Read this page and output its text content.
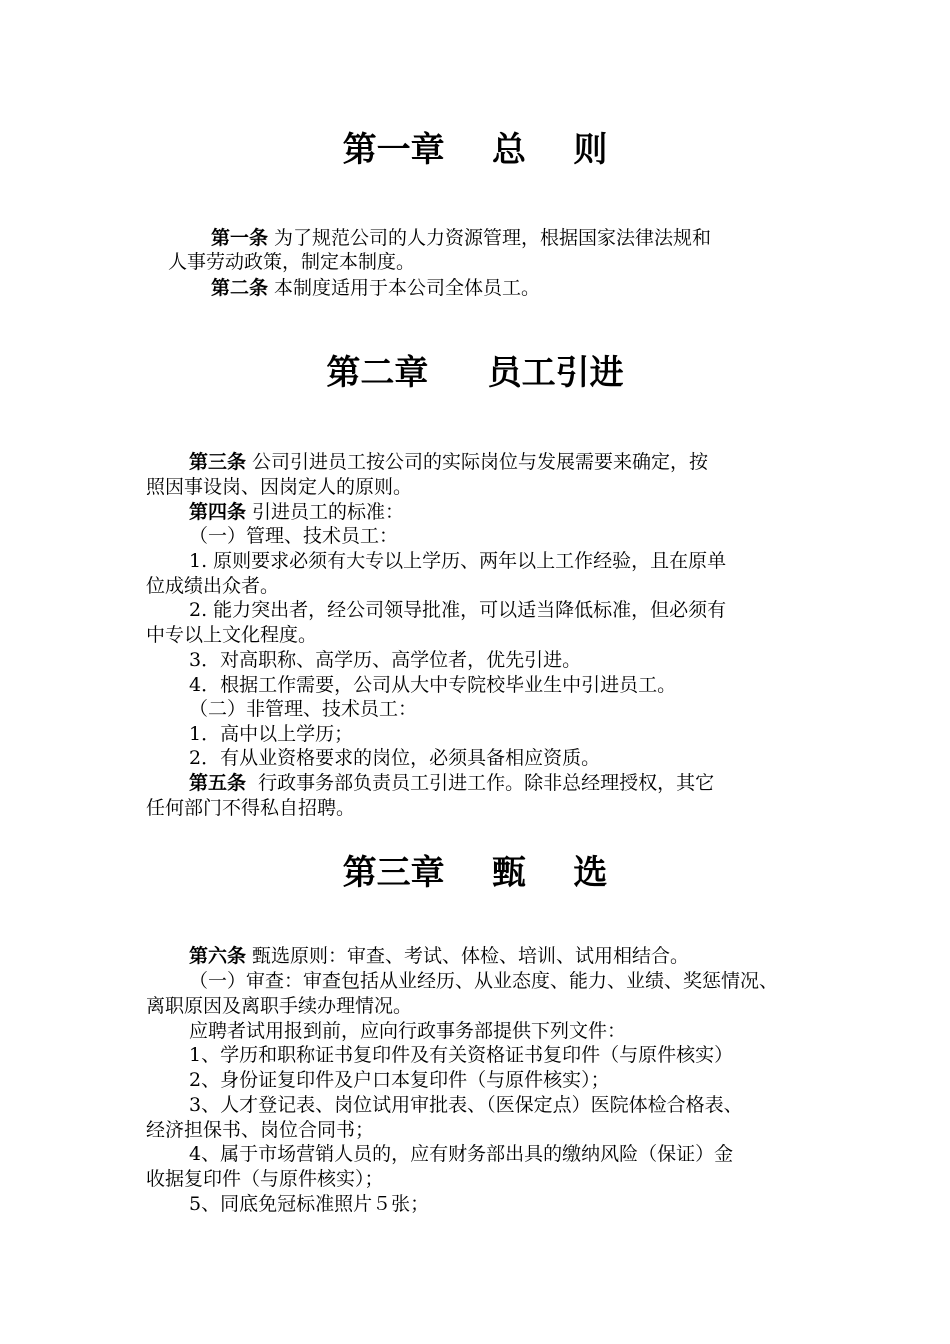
第一章    总    则

第一条 为了规范公司的人力资源管理，根据国家法律法规和

人事劳动政策，制定本制度。

第二条 本制度适用于本公司全体员工。

第二章     员工引进

第三条 公司引进员工按公司的实际岗位与发展需要来确定，按

照因事设岗、因岗定人的原则。

第四条 引进员工的标准：

（一）管理、技术员工：

1. 原则要求必须有大专以上学历、两年以上工作经验，且在原单

位成绩出众者。

2. 能力突出者，经公司领导批准，可以适当降低标准，但必须有

中专以上文化程度。

3．对高职称、高学历、高学位者，优先引进。

4．根据工作需要，公司从大中专院校毕业生中引进员工。

（二）非管理、技术员工：

1．高中以上学历；

2．有从业资格要求的岗位，必须具备相应资质。

第五条  行政事务部负责员工引进工作。除非总经理授权，其它

任何部门不得私自招聘。

第三章    甄    选

第六条 甄选原则：审查、考试、体检、培训、试用相结合。

（一）审查：审查包括从业经历、从业态度、能力、业绩、奖惩情况、

离职原因及离职手续办理情况。

应聘者试用报到前，应向行政事务部提供下列文件：

1、学历和职称证书复印件及有关资格证书复印件（与原件核实）

2、身份证复印件及户口本复印件（与原件核实）；

3、人才登记表、岗位试用审批表、（医保定点）医院体检合格表、

经济担保书、岗位合同书；

4、属于市场营销人员的，应有财务部出具的缴纳风险（保证）金

收据复印件（与原件核实）；

5、同底免冠标准照片５张；
